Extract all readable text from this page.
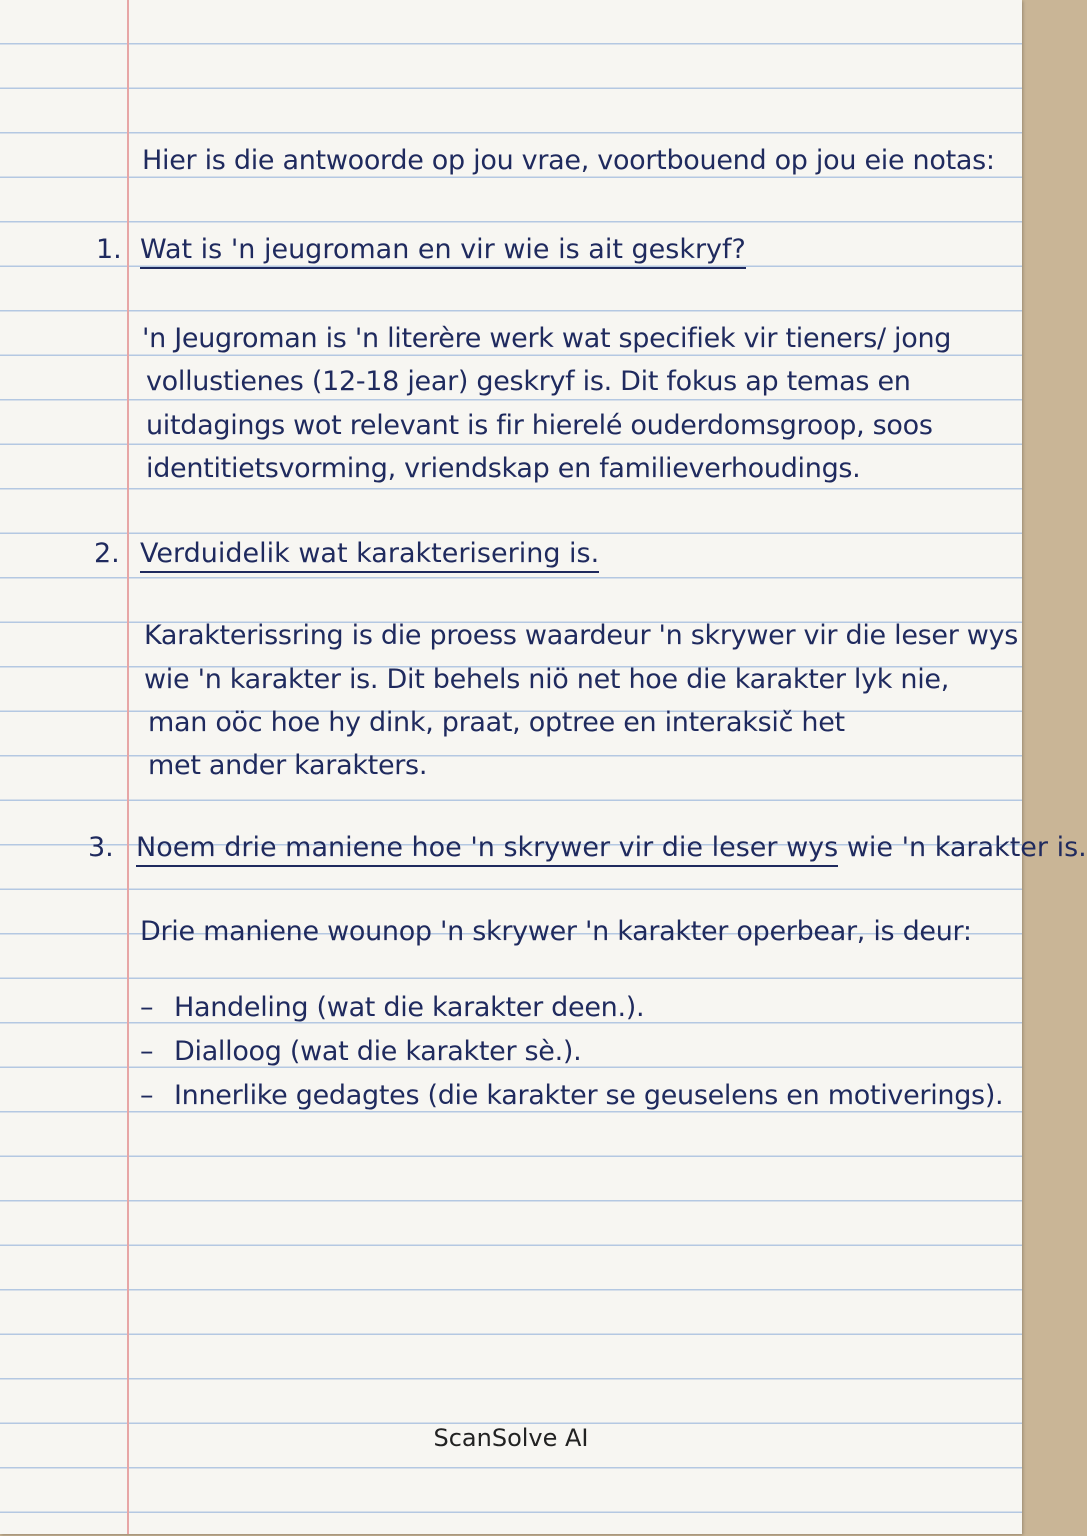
Hier is die antwoorde op jou vrae, voortbouend op jou eie notas:
1. Wat is 'n jeugroman en vir wie is ait geskryf?
'n Jeugroman is 'n literère werk wat specifiek vir tieners/ jong
vollustienes (12-18 jear) geskryf is. Dit fokus ap temas en
uitdagings wot relevant is fir hierelé ouderdomsgroop, soos
identitietsvorming, vriendskap en familieverhoudings.
2. Verduidelik wat karakterisering is.
Karakterissring is die proess waardeur 'n skrywer vir die leser wys
wie 'n karakter is. Dit behels niö net hoe die karakter lyk nie,
man oöc hoe hy dink, praat, optree en interaksič het
met ander karakters.
3. Noem drie maniene hoe 'n skrywer vir die leser wys wie 'n karakter is.
Drie maniene wounop 'n skrywer 'n karakter operbear, is deur:
– Handeling (wat die karakter deen.).
– Dialloog (wat die karakter sè.).
– Innerlike gedagtes (die karakter se geuselens en motiverings).
ScanSolve AI
